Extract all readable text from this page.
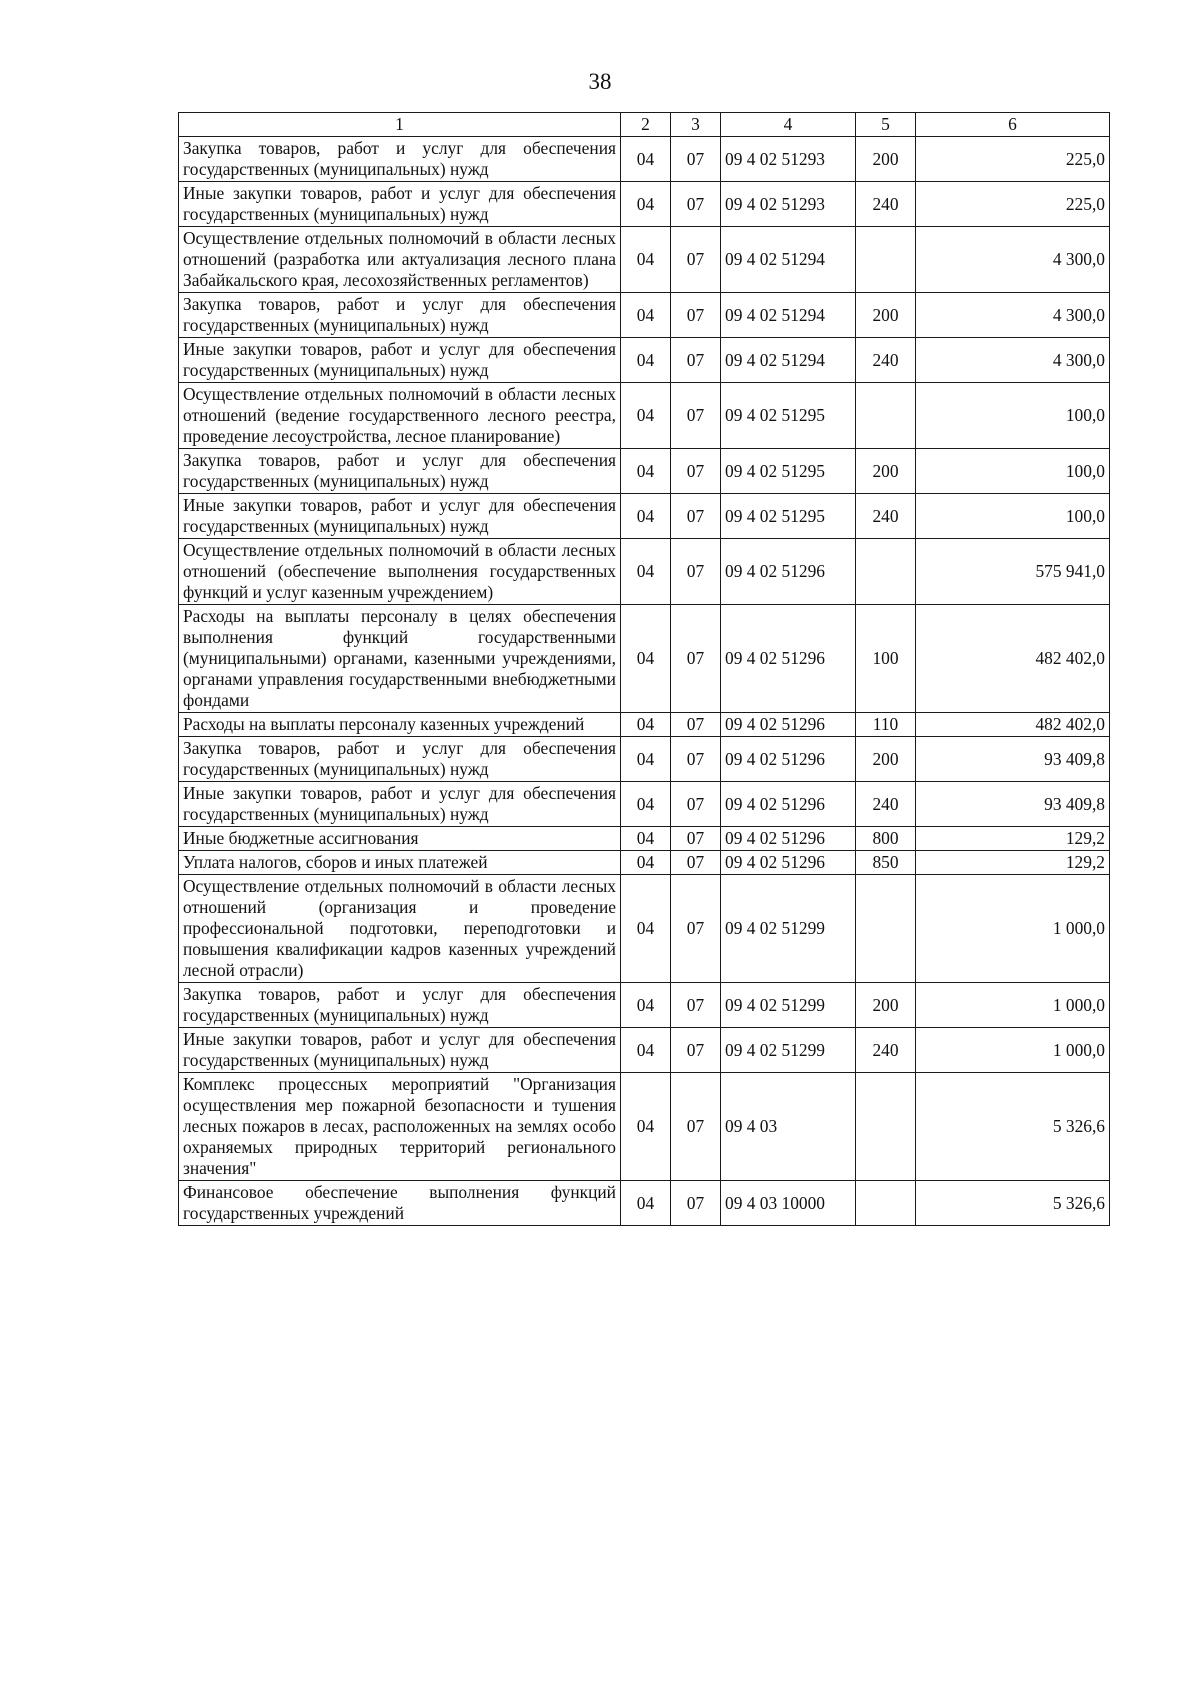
38
1	2	3	4	5	6
Закупка товаров, работ и услуг для обеспечения государственных (муниципальных) нужд	04	07	09 4 02 51293	200	225,0
Иные закупки товаров, работ и услуг для обеспечения государственных (муниципальных) нужд	04	07	09 4 02 51293	240	225,0
Осуществление отдельных полномочий в области лесных отношений (разработка или актуализация лесного плана Забайкальского края, лесохозяйственных регламентов)	04	07	09 4 02 51294		4 300,0
Закупка товаров, работ и услуг для обеспечения государственных (муниципальных) нужд	04	07	09 4 02 51294	200	4 300,0
Иные закупки товаров, работ и услуг для обеспечения государственных (муниципальных) нужд	04	07	09 4 02 51294	240	4 300,0
Осуществление отдельных полномочий в области лесных отношений (ведение государственного лесного реестра, проведение лесоустройства, лесное планирование)	04	07	09 4 02 51295		100,0
Закупка товаров, работ и услуг для обеспечения государственных (муниципальных) нужд	04	07	09 4 02 51295	200	100,0
Иные закупки товаров, работ и услуг для обеспечения государственных (муниципальных) нужд	04	07	09 4 02 51295	240	100,0
Осуществление отдельных полномочий в области лесных отношений (обеспечение выполнения государственных функций и услуг казенным учреждением)	04	07	09 4 02 51296		575 941,0
Расходы на выплаты персоналу в целях обеспечения выполнения функций государственными (муниципальными) органами, казенными учреждениями, органами управления государственными внебюджетными фондами	04	07	09 4 02 51296	100	482 402,0
Расходы на выплаты персоналу казенных учреждений	04	07	09 4 02 51296	110	482 402,0
Закупка товаров, работ и услуг для обеспечения государственных (муниципальных) нужд	04	07	09 4 02 51296	200	93 409,8
Иные закупки товаров, работ и услуг для обеспечения государственных (муниципальных) нужд	04	07	09 4 02 51296	240	93 409,8
Иные бюджетные ассигнования	04	07	09 4 02 51296	800	129,2
Уплата налогов, сборов и иных платежей	04	07	09 4 02 51296	850	129,2
Осуществление отдельных полномочий в области лесных отношений (организация и проведение профессиональной подготовки, переподготовки и повышения квалификации кадров казенных учреждений лесной отрасли)	04	07	09 4 02 51299		1 000,0
Закупка товаров, работ и услуг для обеспечения государственных (муниципальных) нужд	04	07	09 4 02 51299	200	1 000,0
Иные закупки товаров, работ и услуг для обеспечения государственных (муниципальных) нужд	04	07	09 4 02 51299	240	1 000,0
Комплекс процессных мероприятий "Организация осуществления мер пожарной безопасности и тушения лесных пожаров в лесах, расположенных на землях особо охраняемых природных территорий регионального значения"	04	07	09 4 03		5 326,6
Финансовое обеспечение выполнения функций государственных учреждений	04	07	09 4 03 10000		5 326,6
